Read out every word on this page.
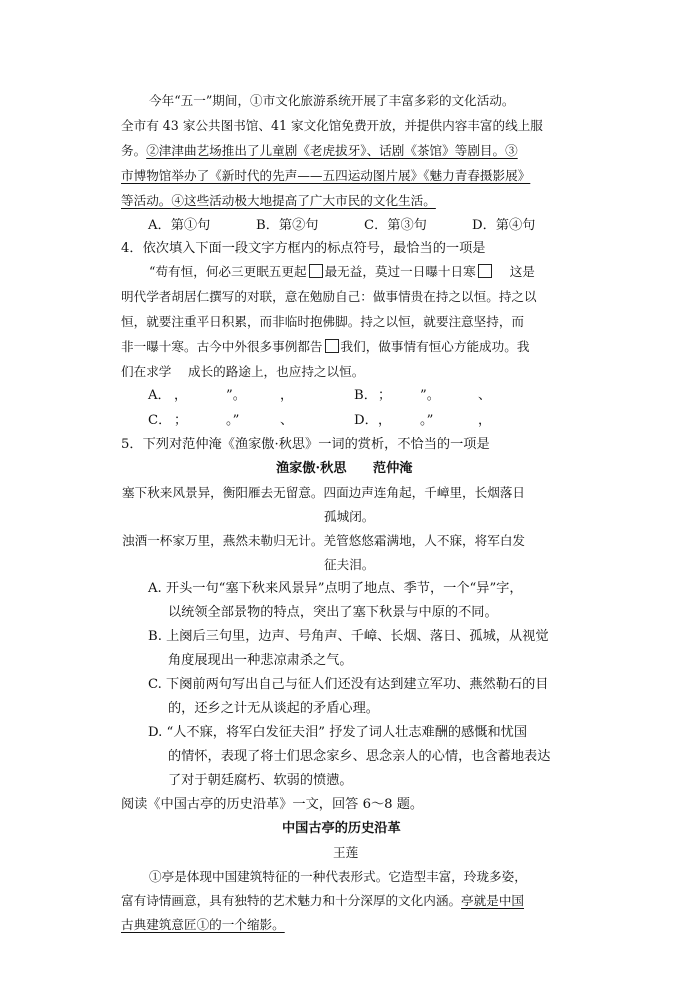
今年“五一”期间，①市文化旅游系统开展了丰富多彩的文化活动。
全市有 43 家公共图书馆、41 家文化馆免费开放，并提供内容丰富的线上服
务。②津津曲艺场推出了儿童剧《老虎拔牙》、话剧《茶馆》等剧目。③
市博物馆举办了《新时代的先声——五四运动图片展》《魅力青春摄影展》
等活动。④这些活动极大地提高了广大市民的文化生活。
A．第①句	B．第②句	C．第③句	D．第④句
4．依次填入下面一段文字方框内的标点符号，最恰当的一项是
“苟有恒，何必三更眠五更起 最无益，莫过一日曝十日寒	这是
明代学者胡居仁撰写的对联，意在勉励自己：做事情贵在持之以恒。持之以
恒，就要注重平日积累，而非临时抱佛脚。持之以恒，就要注意坚持，而
非一曝十寒。古今中外很多事例都告 我们，做事情有恒心方能成功。我
们在求学　 成长的路途上，也应持之以恒。
A． ，	”。	，	B．； ”。	、
C． ；	。”	、	D．， 。”	，
5．下列对范仲淹《渔家傲·秋思》一词的赏析，不恰当的一项是
渔家傲·秋思　　范仲淹
塞下秋来风景异，衡阳雁去无留意。四面边声连角起，千嶂里，长烟落日
孤城闭。
浊酒一杯家万里，燕然未勒归无计。羌管悠悠霜满地，人不寐，将军白发
征夫泪。
A. 开头一句“塞下秋来风景异”点明了地点、季节，一个“异”字，
以统领全部景物的特点，突出了塞下秋景与中原的不同。
B. 上阕后三句里，边声、号角声、千嶂、长烟、落日、孤城，从视觉
角度展现出一种悲凉肃杀之气。
C. 下阕前两句写出自己与征人们还没有达到建立军功、燕然勒石的目
的，还乡之计无从谈起的矛盾心理。
D. “人不寐，将军白发征夫泪” 抒发了词人壮志难酬的感慨和忧国
的情怀，表现了将士们思念家乡、思念亲人的心情，也含蓄地表达
了对于朝廷腐朽、软弱的愤懑。
阅读《中国古亭的历史沿革》一文，回答 6～8 题。
中国古亭的历史沿革
王莲
①亭是体现中国建筑特征的一种代表形式。它造型丰富，玲珑多姿，
富有诗情画意，具有独特的艺术魅力和十分深厚的文化内涵。亭就是中国
古典建筑意匠①的一个缩影。
